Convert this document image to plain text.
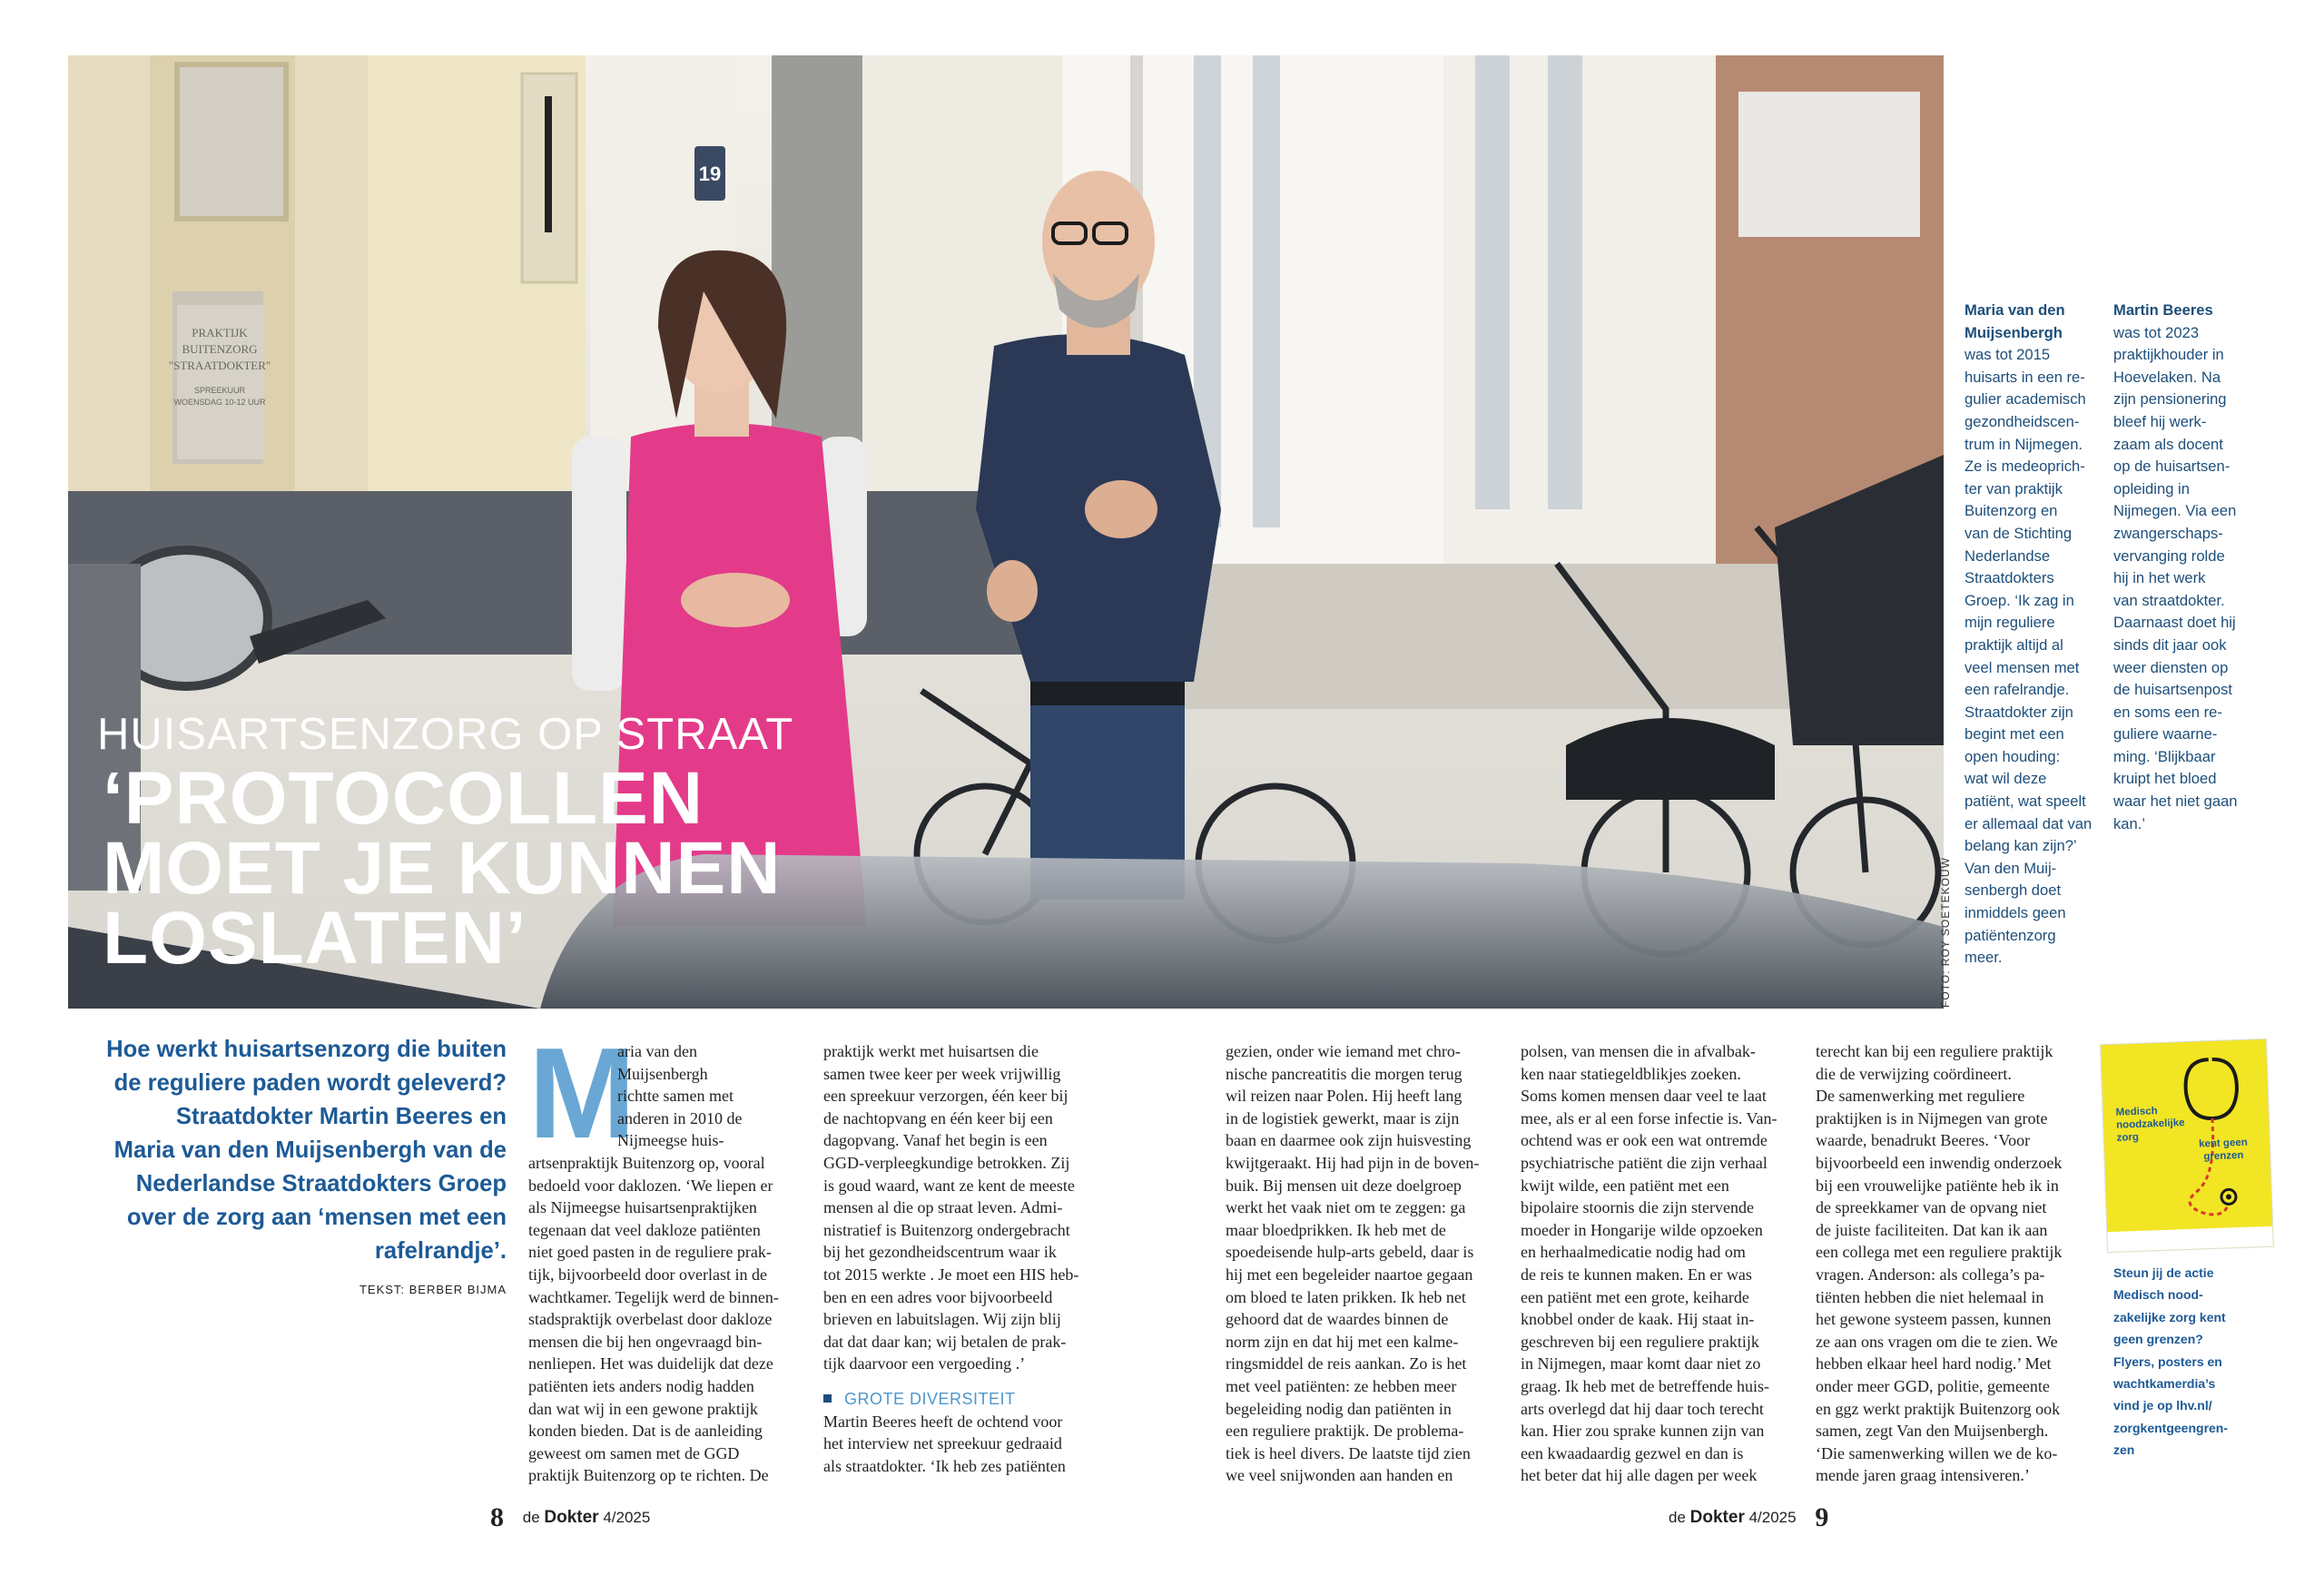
PRAKTIJK
BUITENZORG
"STRAATDOKTER"
SPREEKUUR
WOENSDAG 10-12 UUR
19
HUISARTSENZORG OP STRAAT
‘PROTOCOLLEN
MOET JE KUNNEN
LOSLATEN’	FOTO: ROY SOETEKOUW
Maria van den
Muijsenbergh
was tot 2015
huisarts in een re-
gulier academisch
gezondheidscen-
trum in Nijmegen.
Ze is medeoprich-
ter van praktijk
Buitenzorg en
van de Stichting
Nederlandse
Straatdokters
Groep. ‘Ik zag in
mijn reguliere
praktijk altijd al
veel mensen met
een rafelrandje.
Straatdokter zijn
begint met een
open houding:
wat wil deze
patiënt, wat speelt
er allemaal dat van
belang kan zijn?’
Van den Muij-
senbergh doet
inmiddels geen
patiëntenzorg
meer.
Martin Beeres
was tot 2023
praktijkhouder in
Hoevelaken. Na
zijn pensionering
bleef hij werk-
zaam als docent
op de huisartsen-
opleiding in
Nijmegen. Via een
zwangerschaps-
vervanging rolde
hij in het werk
van straatdokter.
Daarnaast doet hij
sinds dit jaar ook
weer diensten op
de huisartsenpost
en soms een re-
guliere waarne-
ming. ‘Blijkbaar
kruipt het bloed
waar het niet gaan
kan.’
Hoe werkt huisartsenzorg die buiten
de reguliere paden wordt geleverd?
Straatdokter Martin Beeres en
Maria van den Muijsenbergh van de
Nederlandse Straatdokters Groep
over de zorg aan ‘mensen met een
rafelrandje’.
TEKST: BERBER BIJMA
M
aria van den
Muijsenbergh
richtte samen met
anderen in 2010 de
Nijmeegse huis-
artsenpraktijk Buitenzorg op, vooral
bedoeld voor daklozen. ‘We liepen er
als Nijmeegse huisartsenpraktijken
tegenaan dat veel dakloze patiënten
niet goed pasten in de reguliere prak-
tijk, bijvoorbeeld door overlast in de
wachtkamer. Tegelijk werd de binnen-
stadspraktijk overbelast door dakloze
mensen die bij hen ongevraagd bin-
nenliepen. Het was duidelijk dat deze
patiënten iets anders nodig hadden
dan wat wij in een gewone praktijk
konden bieden. Dat is de aanleiding
geweest om samen met de GGD
praktijk Buitenzorg op te richten. De
praktijk werkt met huisartsen die
samen twee keer per week vrijwillig
een spreekuur verzorgen, één keer bij
de nachtopvang en één keer bij een
dagopvang. Vanaf het begin is een
GGD-verpleegkundige betrokken. Zij
is goud waard, want ze kent de meeste
mensen al die op straat leven. Admi-
nistratief is Buitenzorg ondergebracht
bij het gezondheidscentrum waar ik
tot 2015 werkte . Je moet een HIS heb-
ben en een adres voor bijvoorbeeld
brieven en labuitslagen. Wij zijn blij
dat dat daar kan; wij betalen de prak-
tijk daarvoor een vergoeding .’
GROTE DIVERSITEIT
Martin Beeres heeft de ochtend voor
het interview net spreekuur gedraaid
als straatdokter. ‘Ik heb zes patiënten
gezien, onder wie iemand met chro-
nische pancreatitis die morgen terug
wil reizen naar Polen. Hij heeft lang
in de logistiek gewerkt, maar is zijn
baan en daarmee ook zijn huisvesting
kwijtgeraakt. Hij had pijn in de boven-
buik. Bij mensen uit deze doelgroep
werkt het vaak niet om te zeggen: ga
maar bloedprikken. Ik heb met de
spoedeisende hulp-arts gebeld, daar is
hij met een begeleider naartoe gegaan
om bloed te laten prikken. Ik heb net
gehoord dat de waardes binnen de
norm zijn en dat hij met een kalme-
ringsmiddel de reis aankan. Zo is het
met veel patiënten: ze hebben meer
begeleiding nodig dan patiënten in
een reguliere praktijk. De problema-
tiek is heel divers. De laatste tijd zien
we veel snijwonden aan handen en
polsen, van mensen die in afvalbak-
ken naar statiegeldblikjes zoeken.
Soms komen mensen daar veel te laat
mee, als er al een forse infectie is. Van-
ochtend was er ook een wat ontremde
psychiatrische patiënt die zijn verhaal
kwijt wilde, een patiënt met een
bipolaire stoornis die zijn stervende
moeder in Hongarije wilde opzoeken
en herhaalmedicatie nodig had om
de reis te kunnen maken. En er was
een patiënt met een grote, keiharde
knobbel onder de kaak. Hij staat in-
geschreven bij een reguliere praktijk
in Nijmegen, maar komt daar niet zo
graag. Ik heb met de betreffende huis-
arts overlegd dat hij daar toch terecht
kan. Hier zou sprake kunnen zijn van
een kwaadaardig gezwel en dan is
het beter dat hij alle dagen per week
terecht kan bij een reguliere praktijk
die de verwijzing coördineert.
De samenwerking met reguliere
praktijken is in Nijmegen van grote
waarde, benadrukt Beeres. ‘Voor
bijvoorbeeld een inwendig onderzoek
bij een vrouwelijke patiënte heb ik in
de spreekkamer van de opvang niet
de juiste faciliteiten. Dat kan ik aan
een collega met een reguliere praktijk
vragen. Anderson: als collega’s pa-
tiënten hebben die niet helemaal in
het gewone systeem passen, kunnen
ze aan ons vragen om die te zien. We
hebben elkaar heel hard nodig.’ Met
onder meer GGD, politie, gemeente
en ggz werkt praktijk Buitenzorg ook
samen, zegt Van den Muijsenbergh.
‘Die samenwerking willen we de ko-
mende jaren graag intensiveren.’
Medisch noodzakelijke zorg	kent geen grenzen
Steun jij de actie
Medisch nood-
zakelijke zorg kent
geen grenzen?
Flyers, posters en
wachtkamerdia’s
vind je op lhv.nl/
zorgkentgeengren-
zen
8 de Dokter 4/2025	de Dokter 4/2025 9
